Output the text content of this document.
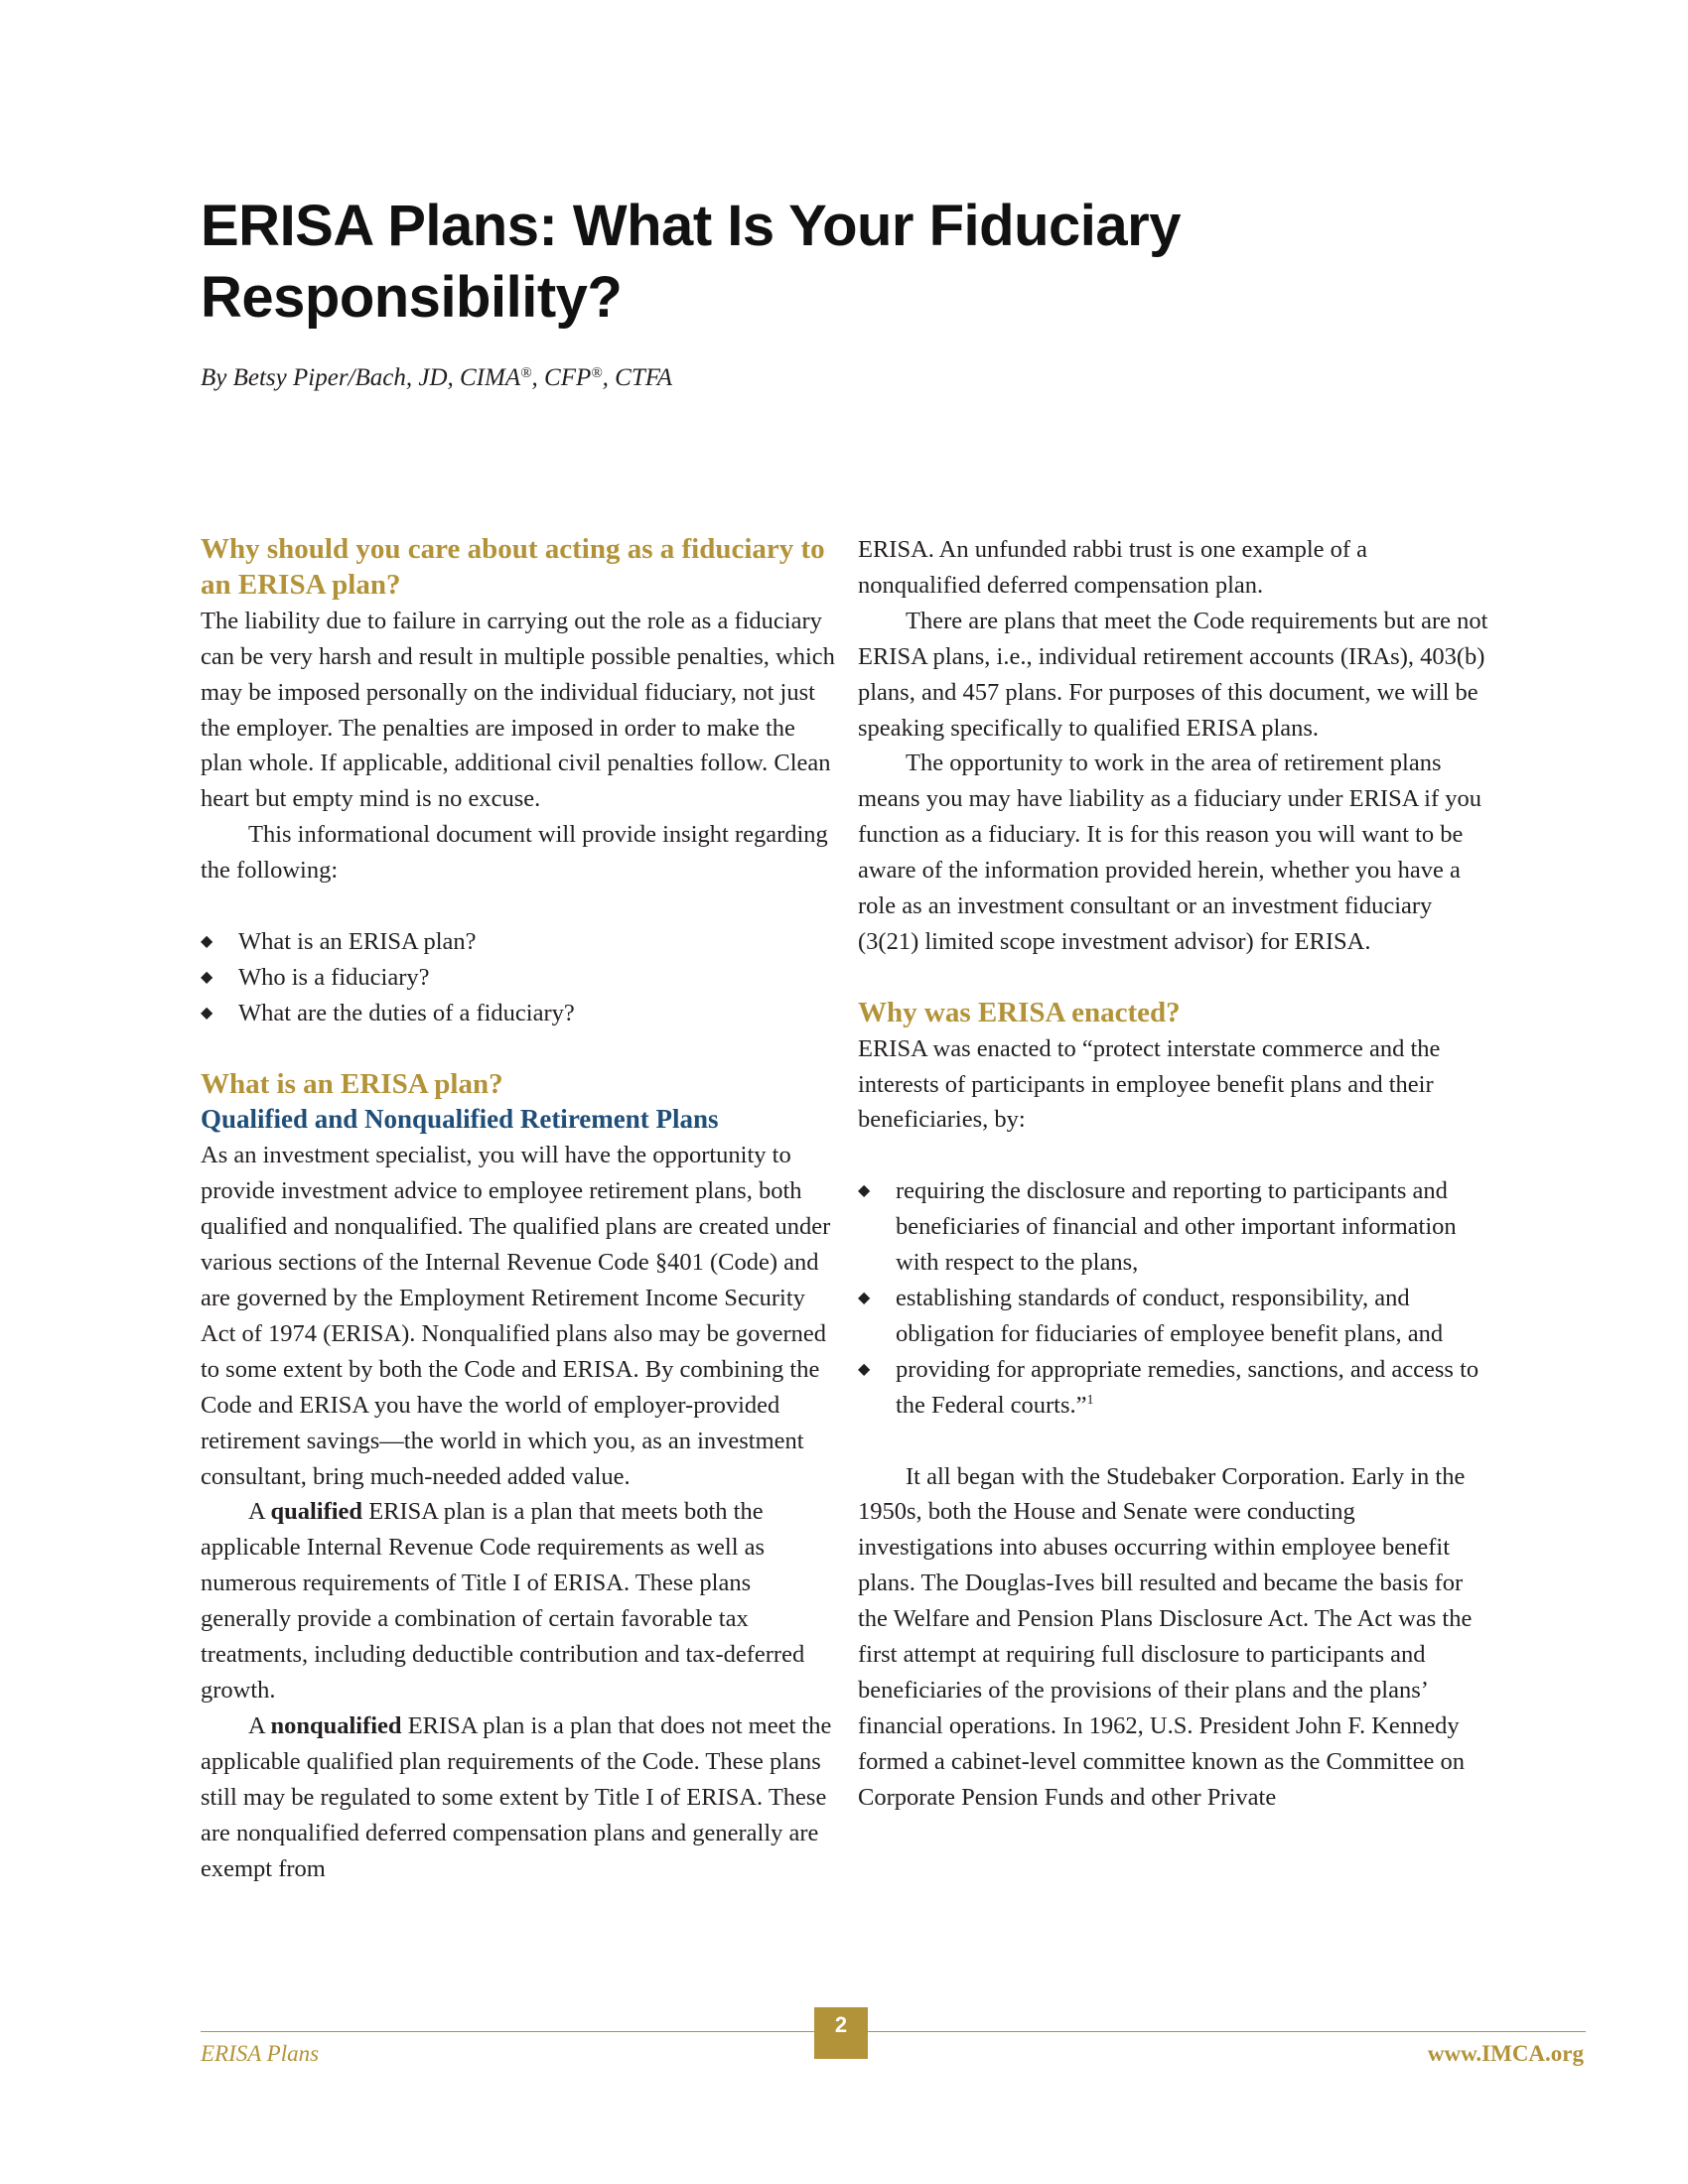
ERISA Plans: What Is Your Fiduciary Responsibility?

By Betsy Piper/Bach, JD, CIMA®, CFP®, CTFA

Why should you care about acting as a fiduciary to an ERISA plan?

The liability due to failure in carrying out the role as a fiduciary can be very harsh and result in multiple possible penalties, which may be imposed personally on the individual fiduciary, not just the employer. The penalties are imposed in order to make the plan whole. If applicable, additional civil penalties follow. Clean heart but empty mind is no excuse.

This informational document will provide insight regarding the following:

◆ What is an ERISA plan?
◆ Who is a fiduciary?
◆ What are the duties of a fiduciary?
What is an ERISA plan?
Qualified and Nonqualified Retirement Plans

As an investment specialist, you will have the opportunity to provide investment advice to employee retirement plans, both qualified and nonqualified. The qualified plans are created under various sections of the Internal Revenue Code §401 (Code) and are governed by the Employment Retirement Income Security Act of 1974 (ERISA). Nonqualified plans also may be governed to some extent by both the Code and ERISA. By combining the Code and ERISA you have the world of employer-provided retirement savings—the world in which you, as an investment consultant, bring much-needed added value.

A qualified ERISA plan is a plan that meets both the applicable Internal Revenue Code requirements as well as numerous requirements of Title I of ERISA. These plans generally provide a combination of certain favorable tax treatments, including deductible contribution and tax-deferred growth.

A nonqualified ERISA plan is a plan that does not meet the applicable qualified plan requirements of the Code. These plans still may be regulated to some extent by Title I of ERISA. These are nonqualified deferred compensation plans and generally are exempt from

ERISA. An unfunded rabbi trust is one example of a nonqualified deferred compensation plan.

There are plans that meet the Code requirements but are not ERISA plans, i.e., individual retirement accounts (IRAs), 403(b) plans, and 457 plans. For purposes of this document, we will be speaking specifically to qualified ERISA plans.

The opportunity to work in the area of retirement plans means you may have liability as a fiduciary under ERISA if you function as a fiduciary. It is for this reason you will want to be aware of the information provided herein, whether you have a role as an investment consultant or an investment fiduciary (3(21) limited scope investment advisor) for ERISA.

Why was ERISA enacted?

ERISA was enacted to “protect interstate commerce and the interests of participants in employee benefit plans and their beneficiaries, by:

◆ requiring the disclosure and reporting to participants and beneficiaries of financial and other important information with respect to the plans,
◆ establishing standards of conduct, responsibility, and obligation for fiduciaries of employee benefit plans, and
◆ providing for appropriate remedies, sanctions, and access to the Federal courts.”$^1$

It all began with the Studebaker Corporation. Early in the 1950s, both the House and Senate were conducting investigations into abuses occurring within employee benefit plans. The Douglas-Ives bill resulted and became the basis for the Welfare and Pension Plans Disclosure Act. The Act was the first attempt at requiring full disclosure to participants and beneficiaries of the provisions of their plans and the plans’ financial operations. In 1962, U.S. President John F. Kennedy formed a cabinet-level committee known as the Committee on Corporate Pension Funds and other Private

2
ERISA Plans	www.IMCA.org
